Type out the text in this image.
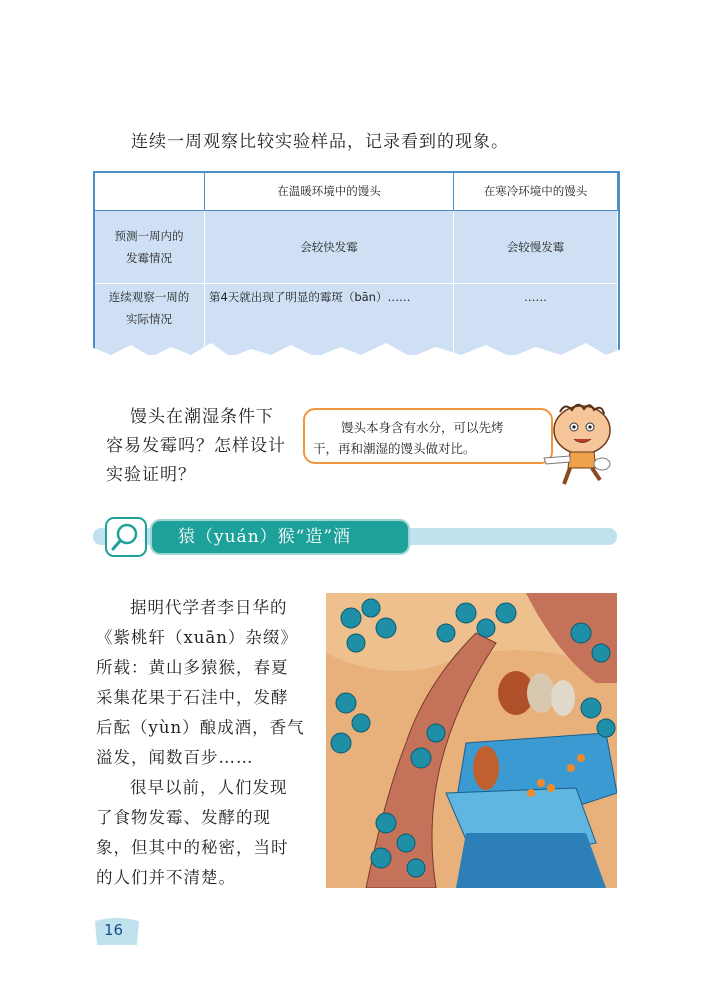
连续一周观察比较实验样品，记录看到的现象。
	在温暖环境中的馒头	在寒冷环境中的馒头

预测一周内的
发霉情况	会较快发霉	会较慢发霉

连续观察一周的
实际情况	第4天就出现了明显的霉斑（bān）……	……
馒头在潮湿条件下
容易发霉吗？怎样设计
实验证明？
馒头本身含有水分，可以先烤
干，再和潮湿的馒头做对比。
猿（yuán）猴“造”酒

据明代学者李日华的
《紫桃轩（xuān）杂缀》
所载：黄山多猿猴，春夏
采集花果于石洼中，发酵
后酝（yùn）酿成酒，香气
溢发，闻数百步……

很早以前，人们发现
了食物发霉、发酵的现
象，但其中的秘密，当时
的人们并不清楚。

16
